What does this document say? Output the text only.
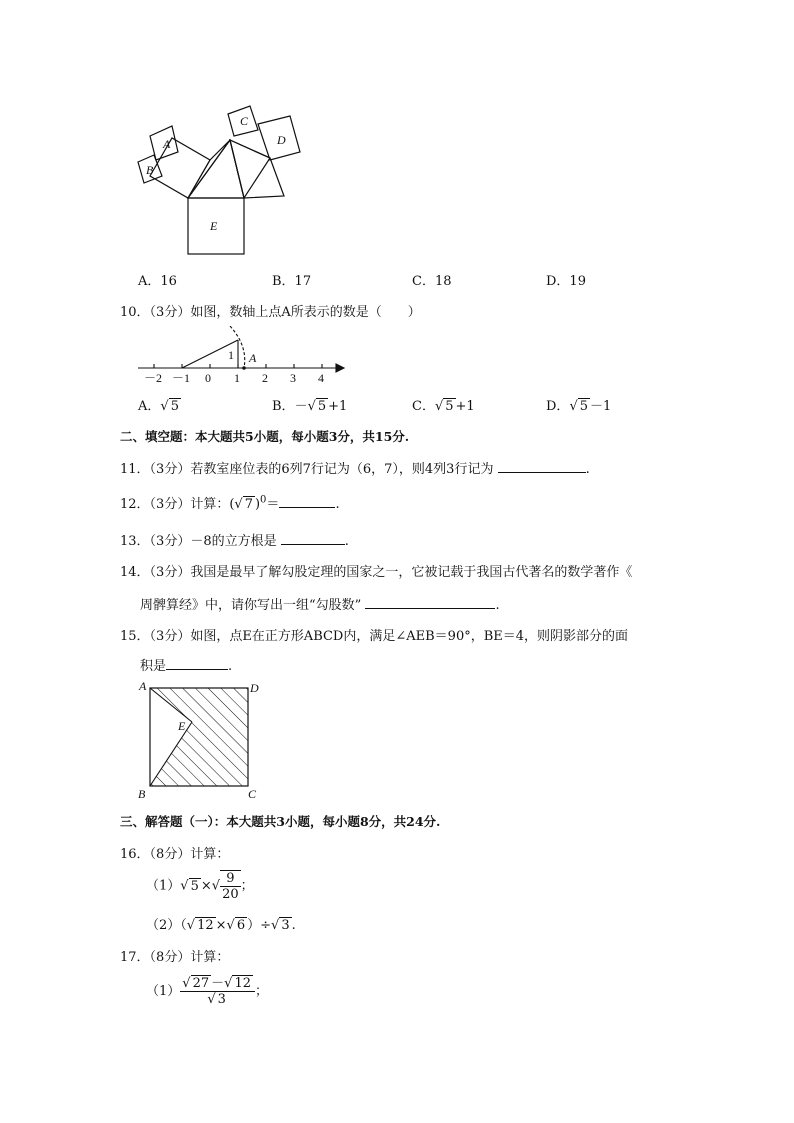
A
B
C
D
E
A．16	B．17	C．18	D．19
10．（3分）如图，数轴上点A所表示的数是（　　）
1 A
－2 －1 0 1 2 3 4
A．√ 5	B．－√ 5 +1	C．√ 5 +1	D．√ 5 －1
二、填空题：本大题共5小题，每小题3分，共15分.
11．（3分）若教室座位表的6列7行记为（6，7），则4列3行记为	.
12．（3分）计算：(√ 7 )$^0$＝	.
13．（3分）－8的立方根是	.
14．（3分）我国是最早了解勾股定理的国家之一，它被记载于我国古代著名的数学著作《
周髀算经》中，请你写出一组“勾股数”	.
15．（3分）如图，点E在正方形ABCD内，满足∠AEB＝90°，BE＝4，则阴影部分的面
积是	.
A	D
E
B	C
三、解答题（一）：本大题共3小题，每小题8分，共24分.
16．（8分）计算：
（1）√ 5 ×√ $\frac{9}{20}$ ；
（2）（√ 12 ×√ 6 ）÷√ 3 .
17．（8分）计算：
$(1) \frac{√ 27 -√ 12}{√ 3}$ ；
